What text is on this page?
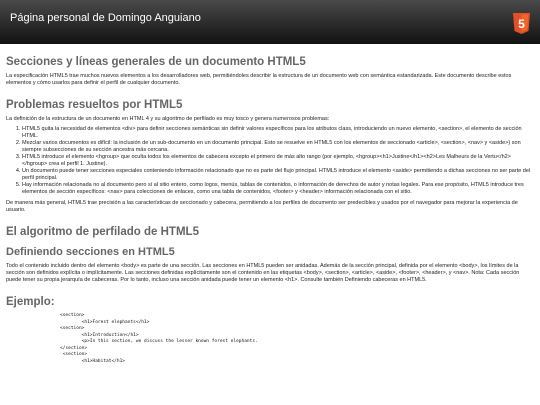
Página personal de Domingo Anguiano	5
Secciones y líneas generales de un documento HTML5

La especificación HTML5 trae muchos nuevos elementos a los desarrolladores web, permitiéndoles describir la estructura de un documento web con semántica estandarizada. Este documento describe estos elementos y cómo usarlos para definir el perfil de cualquier documento.

Problemas resueltos por HTML5

La definición de la estructura de un documento en HTML 4 y su algoritmo de perfilado es muy tosco y genera numerosos problemas:

1. HTML5 quita la necesidad de elementos <div> para definir secciones semánticas sin definir valores específicos para los atributos class, introduciendo un nuevo elemento, <section>, el elemento de sección HTML.
2. Mezclar varios documentos es difícil: la inclusión de un sub-documento en un documento principal. Esto se resuelve en HTML5 con los elementos de seccionado <article>, <section>, <nav> y <aside>) son siempre subsecciones de su sección ancestra más cercana.
3. HTML5 introduce el elemento <hgroup> que oculta todos los elementos de cabecera excepto el primero de más alto rango (por ejemplo, <hgroup><h1>Justine</h1><h2>Les Malheurs de la Vertu</h2></hgroup> crea el perfil 1. Justine).
4. Un documento puede tener secciones especiales conteniendo información relacionado que no es parte del flujo principal. HTML5 introduce el elemento <aside> permitiendo a dichas secciones no ser parte del perfil principal.
5. Hay información relacionada no al documento pero sí al sitio entero, como logos, menús, tablas de contenidos, o información de derechos de autor y notas legales. Para ese propósito, HTML5 introduce tres elementos de sección específicos: <nav> para colecciones de enlaces, como una tabla de contenidos, <footer> y <header> información relacionada con el sitio.

De manera más general, HTML5 trae precisión a las características de seccionado y cabecera, permitiendo a los perfiles de documento ser predecibles y usados por el navegador para mejorar la experiencia de usuario.

El algoritmo de perfilado de HTML5
Definiendo secciones en HTML5

Todo el contenido incluido dentro del elemento <body> es parte de una sección. Las secciones en HTML5 pueden ser anidadas. Además de la sección principal, definida por el elemento <body>, los límites de la sección son definidos explícita o implícitamente. Las secciones definidas explícitamente son el contenido en las etiquetas <body>, <section>, <article>, <aside>, <footer>, <header>, y <nav>. Nota: Cada sección puede tener su propia jerarquía de cabeceras. Por lo tanto, incluso una sección anidada puede tener un elemento <h1>. Consulte también Definiendo cabeceras en HTML5.

Ejemplo:
<section>
<h1>Forest elephants</h1>
<section>
<h1>Introduction</h1>
<p>In this section, we discuss the lesser known forest elephants.
</section>
<section>
<h1>Habitat</h1>
